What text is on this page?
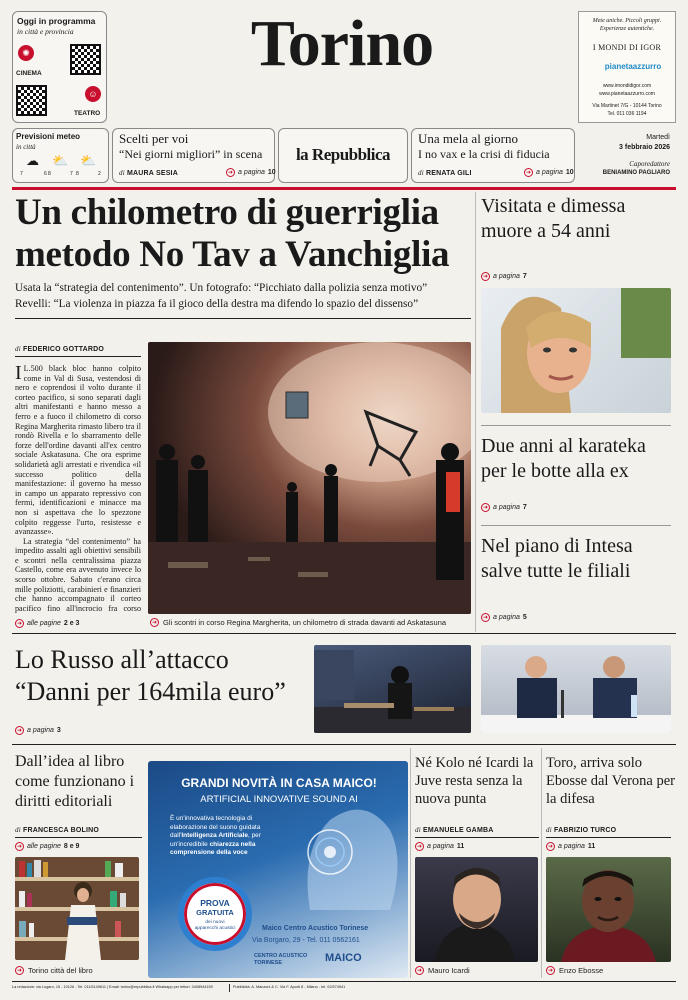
Oggi in programma
in città e provincia
✺
CINEMA
☺
TEATRO
Torino	Mete uniche. Piccoli gruppi.
Esperienze autentiche.
I MONDI DI IGOR
pianetaazzurro
www.imondidigor.com
www.pianetaazzurro.com
Via Martinet 7/G - 10144 Torino
Tel. 011 036 1194
Previsioni meteo
in città
☁ ⛅ ⛅
7	6 8	7 8	2
Scelti per voi
“Nei giorni migliori” in scena
di MAURA SESIA	➜ a pagina 10
la Repubblica
Una mela al giorno
I no vax e la crisi di fiducia
di RENATA GILI	➜ a pagina 10
Martedì
3 febbraio 2026
Caporedattore
BENIAMINO PAGLIARO
Un chilometro di guerriglia
metodo No Tav a Vanchiglia
Usata la “strategia del contenimento”. Un fotografo: “Picchiato dalla polizia senza motivo”
Revelli: “La violenza in piazza fa il gioco della destra ma difendo lo spazio del dissenso”
di FEDERICO GOTTARDO
I L.500 black bloc hanno colpito come in Val di Susa, vestendosi di nero e coprendosi il volto durante il corteo pacifico, si sono separati dagli altri manifestanti e hanno messo a ferro e a fuoco il chilometro di corso Regina Margherita rimasto libero tra il rondò Rivella e lo sbarramento delle forze dell'ordine davanti all'ex centro sociale Askatasuna. Che ora esprime solidarietà agli arrestati e rivendica «il successo politico della manifestazione: il governo ha messo in campo un apparato repressivo con fermi, identificazioni e minacce ma non si aspettava che lo spezzone colpito reggesse l'urto, resistesse e avanzasse».
La strategia “del contenimento” ha impedito assalti agli obiettivi sensibili e scontri nella centralissima piazza Castello, come era avvenuto invece lo scorso ottobre. Sabato c'erano circa mille poliziotti, carabinieri e finanzieri che hanno accompagnato il corteo pacifico fino all'incrocio fra corso
➜ alle pagine 2 e 3	➜ Gli scontri in corso Regina Margherita, un chilometro di strada davanti ad Askatasuna
Visitata e dimessa muore a 54 anni
➜ a pagina 7
Due anni al karateka per le botte alla ex
➜ a pagina 7
Nel piano di Intesa salve tutte le filiali
➜ a pagina 5
Lo Russo all’attacco
“Danni per 164mila euro”
➜ a pagina 3
Dall’idea al libro come funzionano i diritti editoriali
di FRANCESCA BOLINO
➜ alle pagine 8 e 9
➜ Torino città del libro
GRANDI NOVITÀ IN CASA MAICO!
ARTIFICIAL INNOVATIVE SOUND AI
È un'innovativa tecnologia di elaborazione del suono guidata dall'Intelligenza Artificiale, per un'incredibile chiarezza nella comprensione della voce
PROVA
GRATUITA
dei nuovi apparecchi acustici	Maico Centro Acustico Torinese
Via Borgaro, 29 - Tel. 011 0562161
CENTRO ACUSTICO TORINESE	MAICO
Né Kolo né Icardi la Juve resta senza la nuova punta
di EMANUELE GAMBA
➜ a pagina 11
➜ Mauro Icardi
Toro, arriva solo Ebosse dal Verona per la difesa
di FABRIZIO TURCO
➜ a pagina 11
➜ Enzo Ebosse
La redazione: via Lugaro, 15 - 10126 - Tel. 011/5149611 | Email: torino@repubblica.it Whatsapp per lettori: 3408944159	Pubblicità: A. Manzoni & C. Via F. Aporti 8 - Milano - tel. 02/574941
